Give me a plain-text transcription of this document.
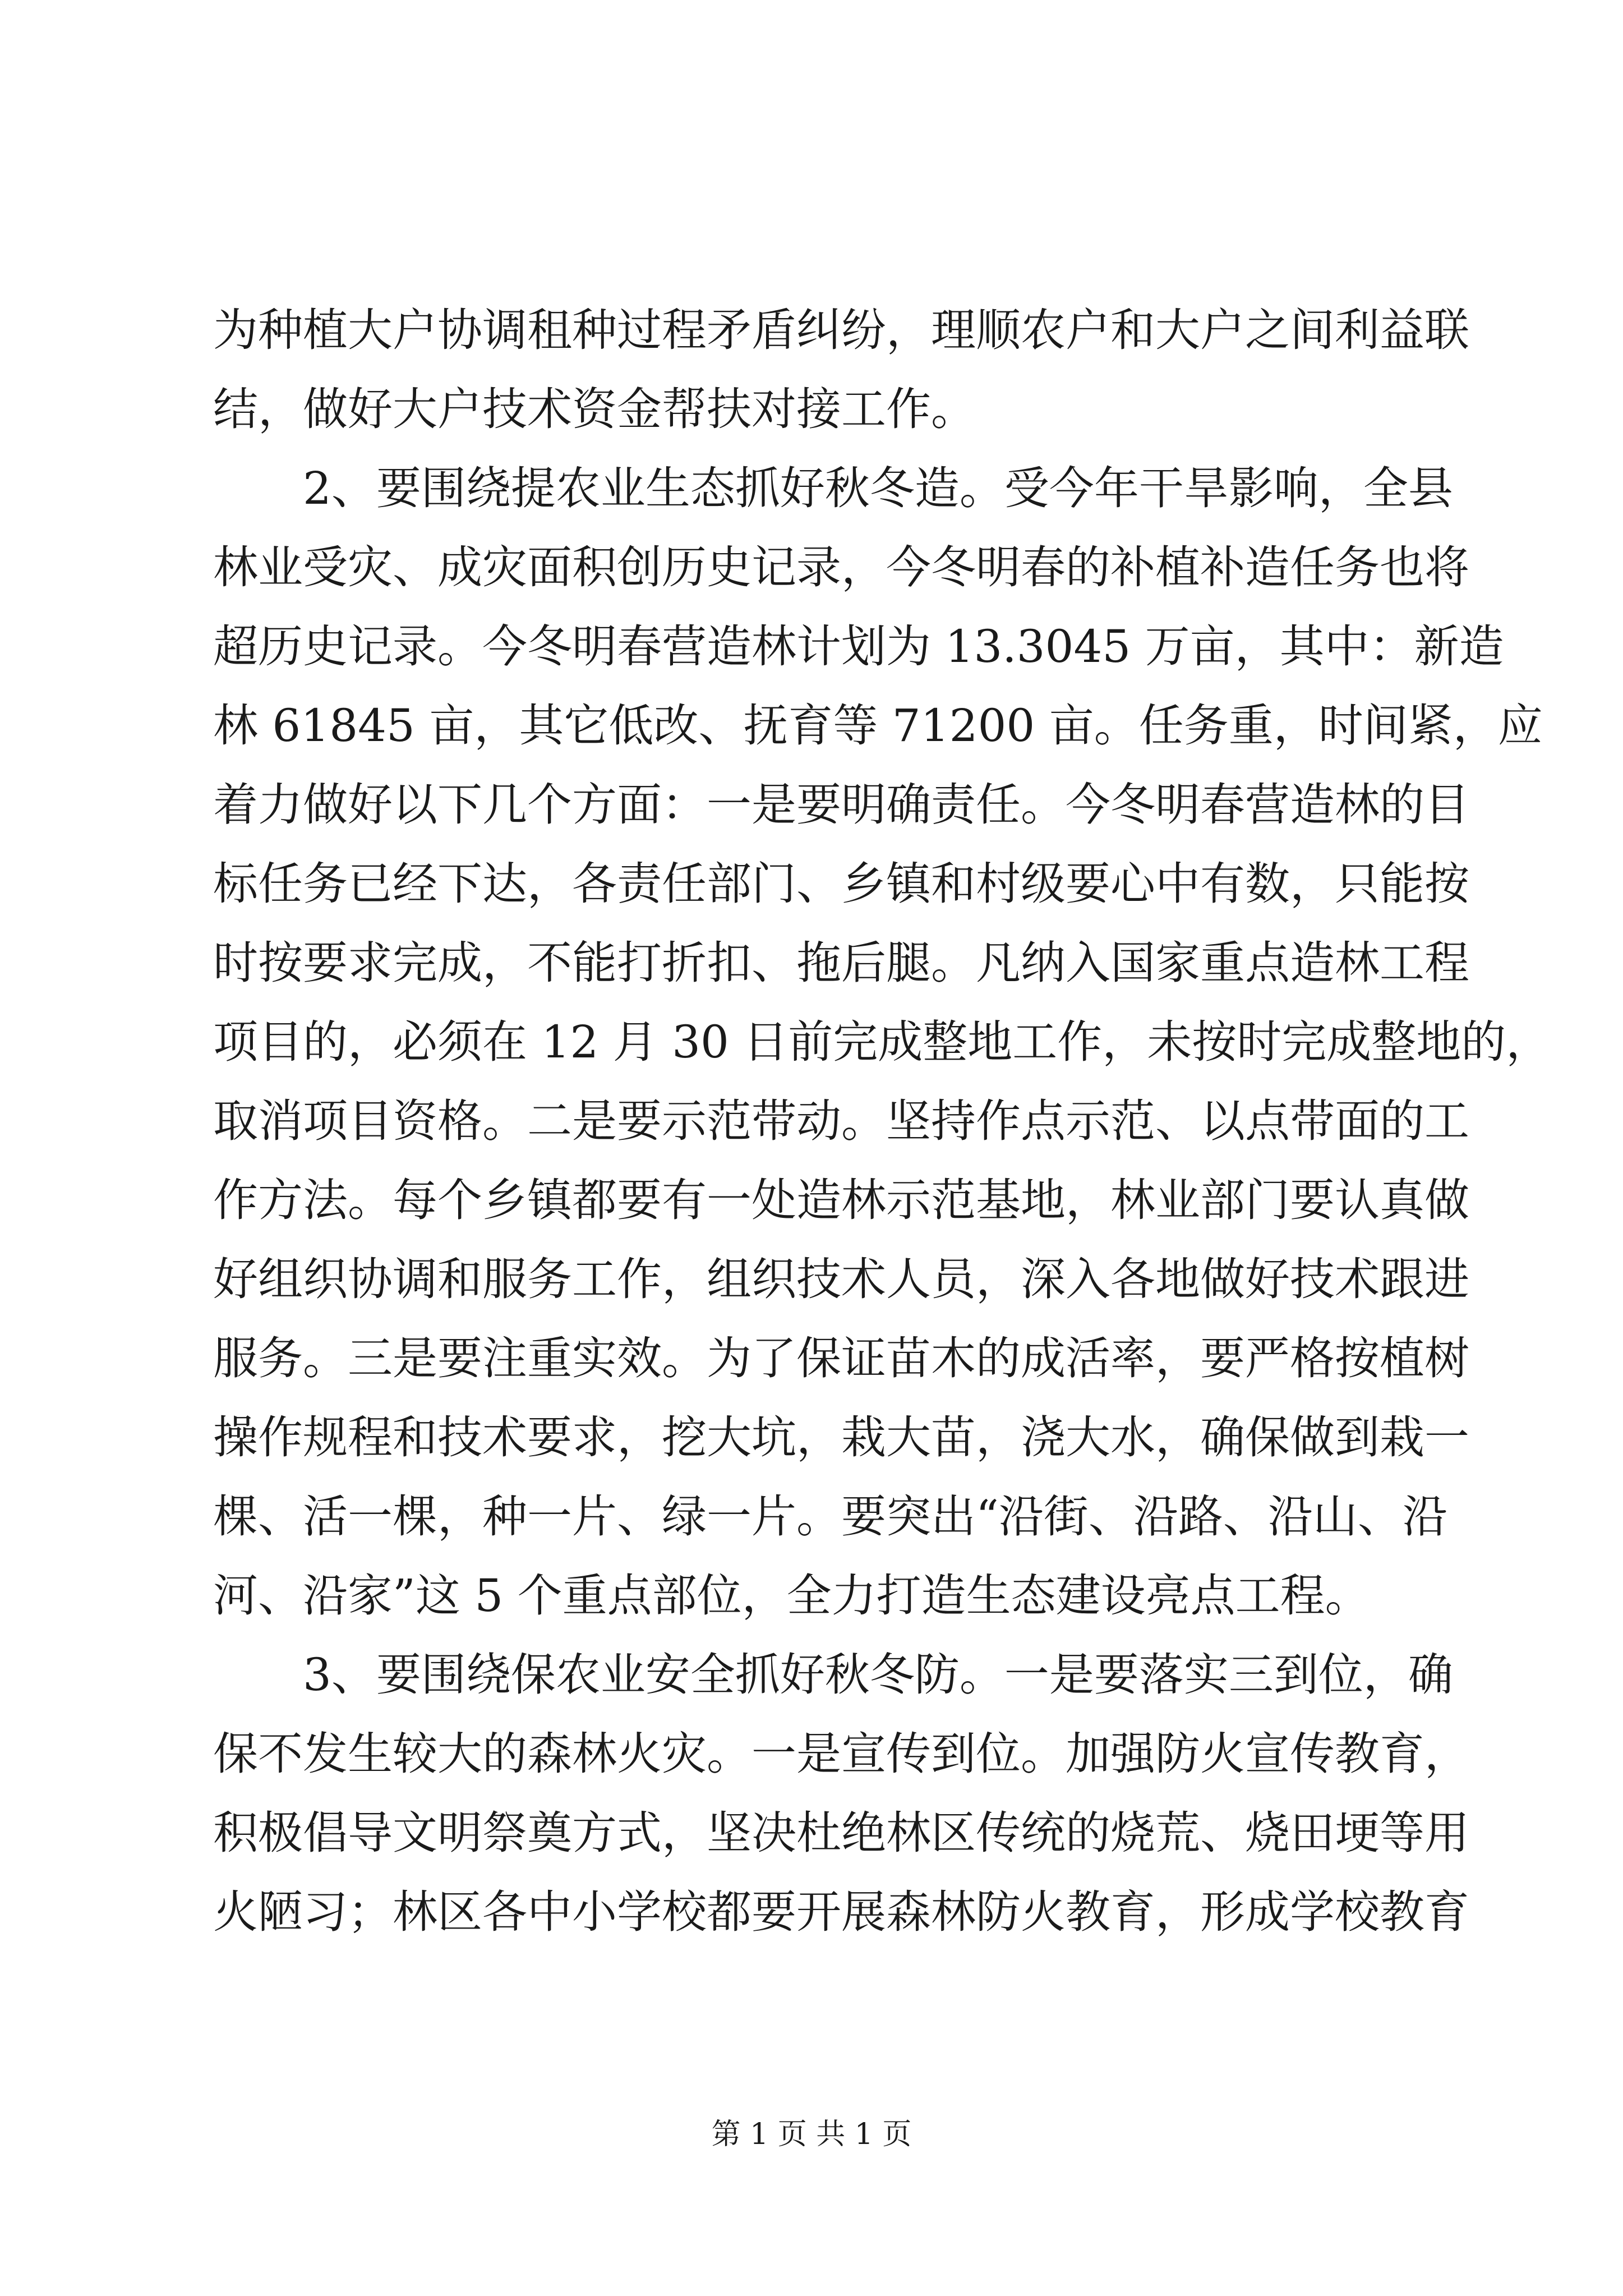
为种植大户协调租种过程矛盾纠纷，理顺农户和大户之间利益联
结，做好大户技术资金帮扶对接工作。
　　2、要围绕提农业生态抓好秋冬造。受今年干旱影响，全县
林业受灾、成灾面积创历史记录，今冬明春的补植补造任务也将
超历史记录。今冬明春营造林计划为 13.3045 万亩，其中：新造
林 61845 亩，其它低改、抚育等 71200 亩。任务重，时间紧，应
着力做好以下几个方面：一是要明确责任。今冬明春营造林的目
标任务已经下达，各责任部门、乡镇和村级要心中有数，只能按
时按要求完成，不能打折扣、拖后腿。凡纳入国家重点造林工程
项目的，必须在 12 月 30 日前完成整地工作，未按时完成整地的，
取消项目资格。二是要示范带动。坚持作点示范、以点带面的工
作方法。每个乡镇都要有一处造林示范基地，林业部门要认真做
好组织协调和服务工作，组织技术人员，深入各地做好技术跟进
服务。三是要注重实效。为了保证苗木的成活率，要严格按植树
操作规程和技术要求，挖大坑，栽大苗，浇大水，确保做到栽一
棵、活一棵，种一片、绿一片。要突出“沿街、沿路、沿山、沿
河、沿家”这 5 个重点部位，全力打造生态建设亮点工程。
　　3、要围绕保农业安全抓好秋冬防。一是要落实三到位，确
保不发生较大的森林火灾。一是宣传到位。加强防火宣传教育，
积极倡导文明祭奠方式，坚决杜绝林区传统的烧荒、烧田埂等用
火陋习；林区各中小学校都要开展森林防火教育，形成学校教育
第 1 页 共 1 页
